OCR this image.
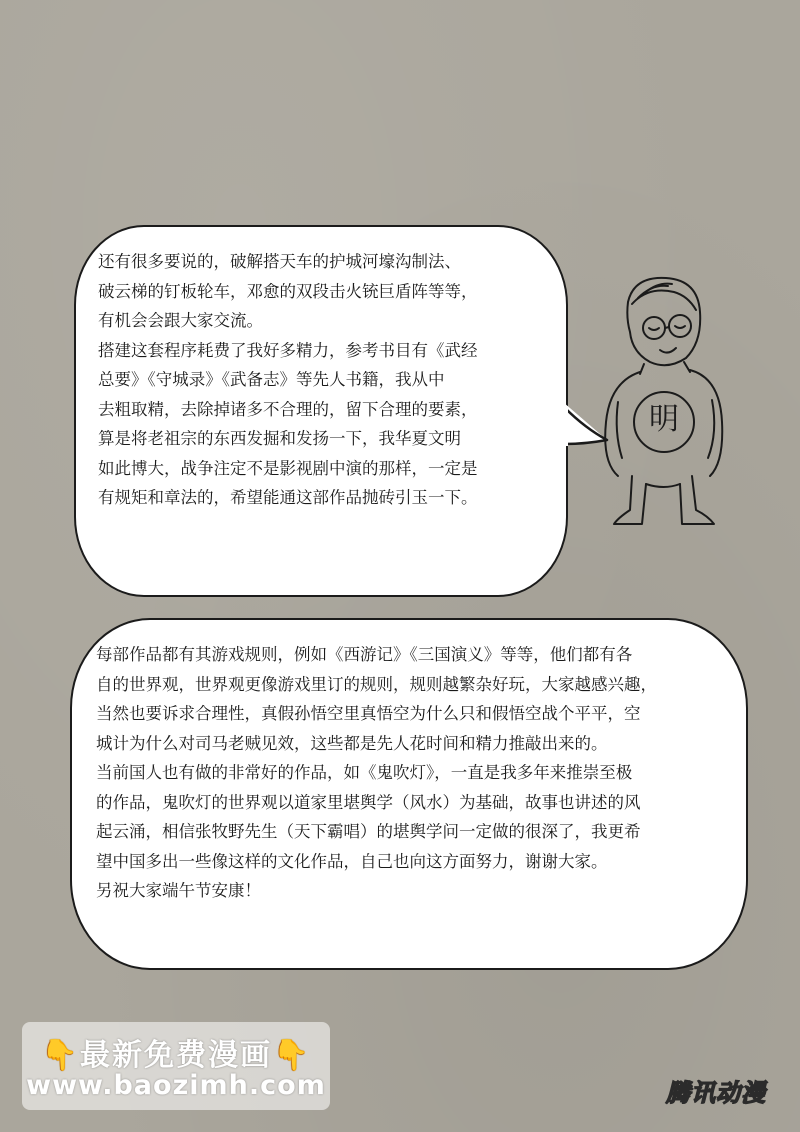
还有很多要说的，破解搭天车的护城河壕沟制法、

破云梯的钉板轮车，邓愈的双段击火铳巨盾阵等等，

有机会会跟大家交流。

搭建这套程序耗费了我好多精力，参考书目有《武经

总要》《守城录》《武备志》等先人书籍，我从中

去粗取精，去除掉诸多不合理的，留下合理的要素，

算是将老祖宗的东西发掘和发扬一下，我华夏文明

如此博大，战争注定不是影视剧中演的那样，一定是

有规矩和章法的，希望能通这部作品抛砖引玉一下。

明

每部作品都有其游戏规则，例如《西游记》《三国演义》等等，他们都有各

自的世界观，世界观更像游戏里订的规则，规则越繁杂好玩，大家越感兴趣，

当然也要诉求合理性，真假孙悟空里真悟空为什么只和假悟空战个平平，空

城计为什么对司马老贼见效，这些都是先人花时间和精力推敲出来的。

当前国人也有做的非常好的作品，如《鬼吹灯》，一直是我多年来推崇至极

的作品，鬼吹灯的世界观以道家里堪舆学（风水）为基础，故事也讲述的风

起云涌，相信张牧野先生（天下霸唱）的堪舆学问一定做的很深了，我更希

望中国多出一些像这样的文化作品，自己也向这方面努力，谢谢大家。

另祝大家端午节安康！

👇最新免费漫画👇
www.baozimh.com	腾讯动漫
